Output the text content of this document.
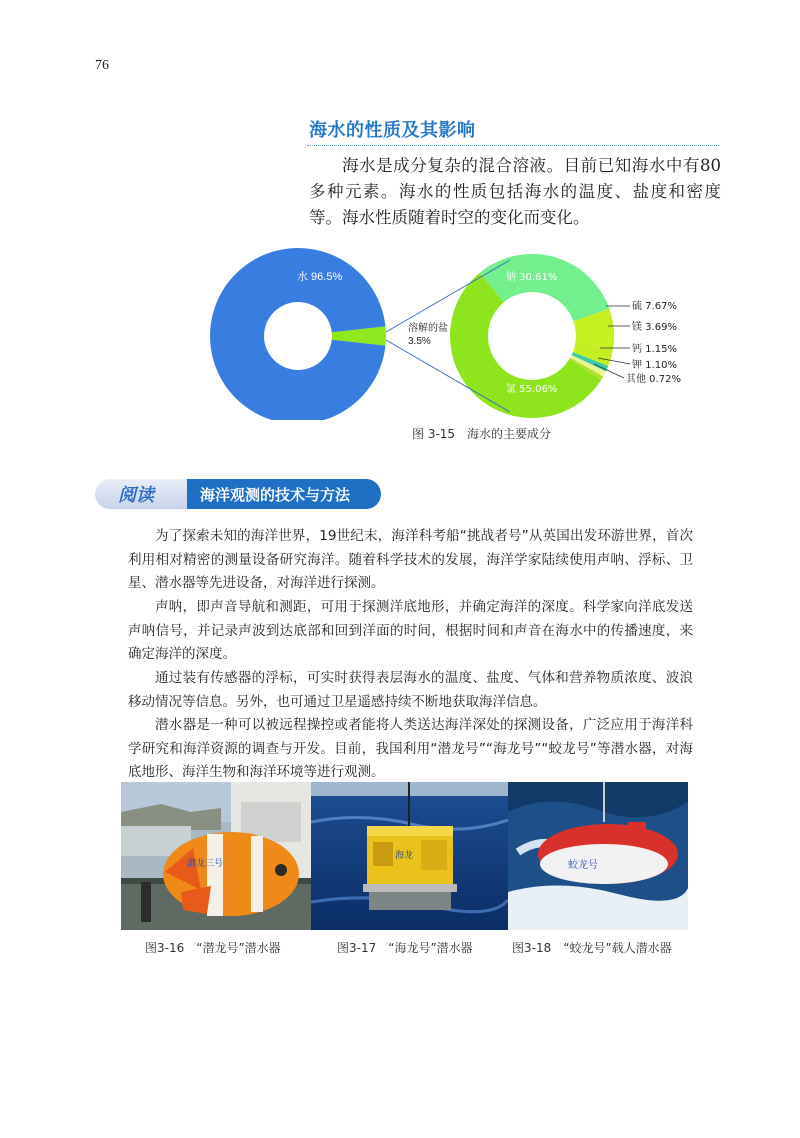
76
海水的性质及其影响
海水是成分复杂的混合溶液。目前已知海水中有80多种元素。海水的性质包括海水的温度、盐度和密度等。海水性质随着时空的变化而变化。
水 96.5%
溶解的盐
3.5%
钠 30.61%
氯 55.06%
硫 7.67%
镁 3.69%
钙 1.15%
钾 1.10%
其他 0.72%
图 3-15　海水的主要成分
阅读	海洋观测的技术与方法
为了探索未知的海洋世界，19世纪末，海洋科考船“挑战者号”从英国出发环游世界，首次利用相对精密的测量设备研究海洋。随着科学技术的发展，海洋学家陆续使用声呐、浮标、卫星、潜水器等先进设备，对海洋进行探测。
声呐，即声音导航和测距，可用于探测洋底地形，并确定海洋的深度。科学家向洋底发送声呐信号，并记录声波到达底部和回到洋面的时间，根据时间和声音在海水中的传播速度，来确定海洋的深度。
通过装有传感器的浮标，可实时获得表层海水的温度、盐度、气体和营养物质浓度、波浪移动情况等信息。另外，也可通过卫星遥感持续不断地获取海洋信息。
潜水器是一种可以被远程操控或者能将人类送达海洋深处的探测设备，广泛应用于海洋科学研究和海洋资源的调查与开发。目前，我国利用“潜龙号”“海龙号”“蛟龙号”等潜水器，对海底地形、海洋生物和海洋环境等进行观测。
潜龙三号
海龙
蛟龙号
图3-16　“潜龙号”潜水器	图3-17　“海龙号”潜水器	图3-18　“蛟龙号”载人潜水器
